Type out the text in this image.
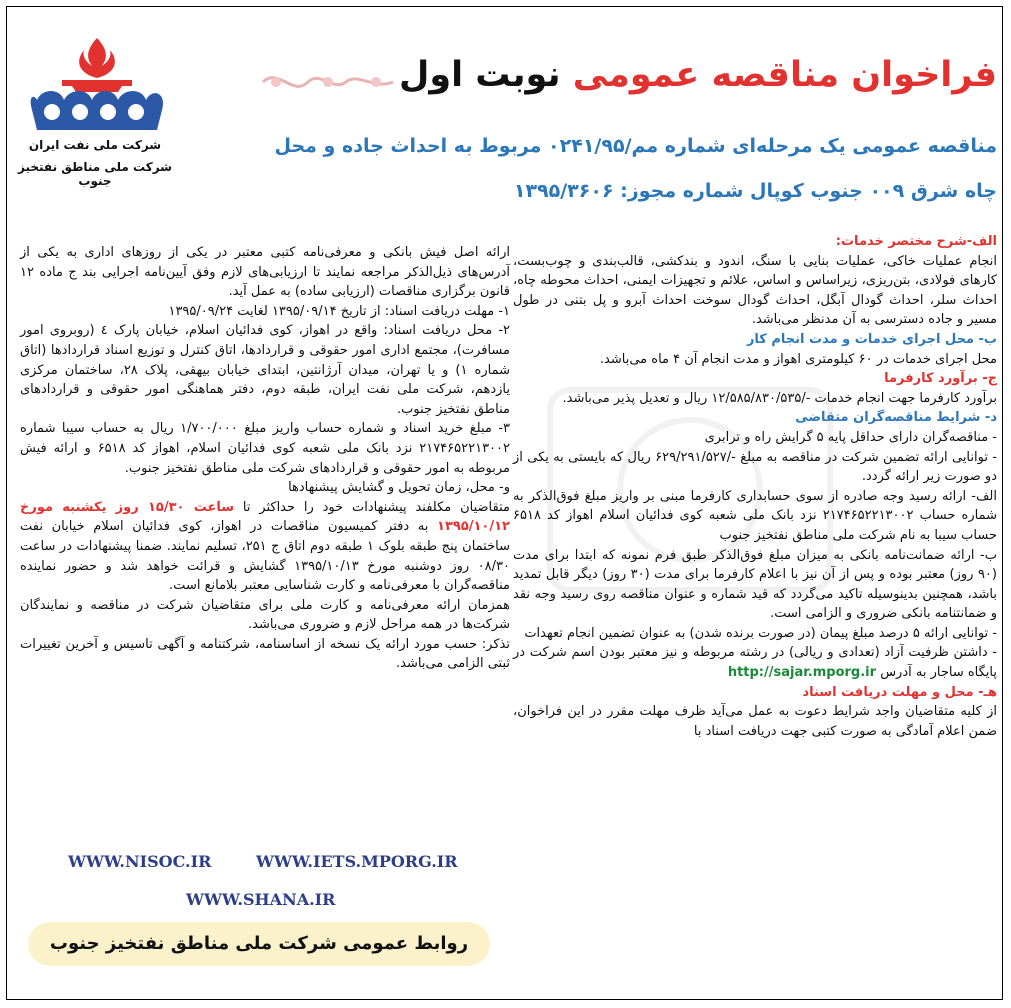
شرکت ملی نفت ایران
شرکت ملی مناطق نفتخیز جنوب
فراخوان مناقصه عمومی نوبت اول
مناقصه عمومی یک مرحله‌ای شماره مم/۰۲۴۱/۹۵ مربوط به احداث جاده و محل
چاه شرق ۰۰۹ جنوب کوپال شماره مجوز: ۱۳۹۵/۳۶۰۶

الف-شرح مختصر خدمات:

انجام عملیات خاکی، عملیات بنایی با سنگ، اندود و بندکشی، قالب‌بندی و چوب‌بست، کارهای فولادی، بتن‌ریزی، زیراساس و اساس، علائم و تجهیزات ایمنی، احداث محوطه چاه، احداث سلر، احداث گودال آبگل، احداث گودال سوخت احداث آبرو و پل بتنی در طول مسیر و جاده دسترسی به آن مدنظر می‌باشد.

ب- محل اجرای خدمات و مدت انجام کار

محل اجرای خدمات در ۶۰ کیلومتری اهواز و مدت انجام آن ۴ ماه می‌باشد.

ج- برآورد کارفرما

برآورد کارفرما جهت انجام خدمات -/۱۲/۵۸۵/۸۳۰/۵۳۵ ریال و تعدیل پذیر می‌باشد.

د- شرایط مناقصه‌گران متقاضی

- مناقصه‌گران دارای حداقل پایه ۵ گرایش راه و ترابری

- توانایی ارائه تضمین شرکت در مناقصه به مبلغ -/۶۲۹/۲۹۱/۵۲۷ ریال که بایستی به یکی از دو صورت زیر ارائه گردد.

الف- ارائه رسید وجه صادره از سوی حسابداری کارفرما مبنی بر واریز مبلغ فوق‌الذکر به شماره حساب ۲۱۷۴۶۵۲۲۱۳۰۰۲ نزد بانک ملی شعبه کوی فدائیان اسلام اهواز کد ۶۵۱۸ حساب سیبا به نام شرکت ملی مناطق نفتخیز جنوب

ب- ارائه ضمانت‌نامه بانکی به میزان مبلغ فوق‌الذکر طبق فرم نمونه که ابتدا برای مدت (۹۰ روز) معتبر بوده و پس از آن نیز با اعلام کارفرما برای مدت (۳۰ روز) دیگر قابل تمدید باشد، همچنین بدینوسیله تاکید می‌گردد که قید شماره و عنوان مناقصه روی رسید وجه نقد و ضمانتنامه بانکی ضروری و الزامی است.

- توانایی ارائه ۵ درصد مبلغ پیمان (در صورت برنده شدن) به عنوان تضمین انجام تعهدات

- داشتن ظرفیت آزاد (تعدادی و ریالی) در رشته مربوطه و نیز معتبر بودن اسم شرکت در پایگاه ساجار به آدرس http://sajar.mporg.ir

هـ- محل و مهلت دریافت اسناد

از کلیه متقاضیان واجد شرایط دعوت به عمل می‌آید ظرف مهلت مقرر در این فراخوان، ضمن اعلام آمادگی به صورت کتبی جهت دریافت اسناد با

ارائه اصل فیش بانکی و معرفی‌نامه کتبی معتبر در یکی از روزهای اداری به یکی از آدرس‌های ذیل‌الذکر مراجعه نمایند تا ارزیابی‌های لازم وفق آیین‌نامه اجرایی بند ج ماده ۱۲ قانون برگزاری مناقصات (ارزیابی ساده) به عمل آید.

۱- مهلت دریافت اسناد: از تاریخ ۱۳۹۵/۰۹/۱۴ لغایت ۱۳۹۵/۰۹/۲۴

۲- محل دریافت اسناد: واقع در اهواز، کوی فدائیان اسلام، خیابان پارک ٤ (روبروی امور مسافرت)، مجتمع اداری امور حقوقی و قراردادها، اتاق کنترل و توزیع اسناد قراردادها (اتاق شماره ۱) و یا تهران، میدان آرژانتین، ابتدای خیابان بیهقی، پلاک ۲۸، ساختمان مرکزی یازدهم، شرکت ملی نفت ایران، طبقه دوم، دفتر هماهنگی امور حقوقی و قراردادهای مناطق نفتخیز جنوب.

۳- مبلغ خرید اسناد و شماره حساب واریز مبلغ ۱/۷۰۰/۰۰۰ ریال به حساب سیبا شماره ۲۱۷۴۶۵۲۲۱۳۰۰۲ نزد بانک ملی شعبه کوی فدائیان اسلام، اهواز کد ۶۵۱۸ و ارائه فیش مربوطه به امور حقوقی و قراردادهای شرکت ملی مناطق نفتخیز جنوب.

و- محل، زمان تحویل و گشایش پیشنهادها

متقاضیان مکلفند پیشنهادات خود را حداکثر تا ساعت ۱۵/۳۰ روز یکشنبه مورخ ۱۳۹۵/۱۰/۱۲ به دفتر کمیسیون مناقصات در اهواز، کوی فدائیان اسلام خیابان نفت ساختمان پنج طبقه بلوک ۱ طبقه دوم اتاق ج ۲۵۱، تسلیم نمایند. ضمنا پیشنهادات در ساعت ۰۸/۳۰ روز دوشنبه مورخ ۱۳۹۵/۱۰/۱۳ گشایش و قرائت خواهد شد و حضور نماینده مناقصه‌گران با معرفی‌نامه و کارت شناسایی معتبر بلامانع است.

همزمان ارائه معرفی‌نامه و کارت ملی برای متقاضیان شرکت در مناقصه و نمایندگان شرکت‌ها در همه مراحل لازم و ضروری می‌باشد.

تذکر: حسب مورد ارائه یک نسخه از اساسنامه، شرکتنامه و آگهی تاسیس و آخرین تغییرات ثبتی الزامی می‌باشد.

WWW.NISOC.IR	WWW.IETS.MPORG.IR
WWW.SHANA.IR
روابط عمومی شرکت ملی مناطق نفتخیز جنوب
